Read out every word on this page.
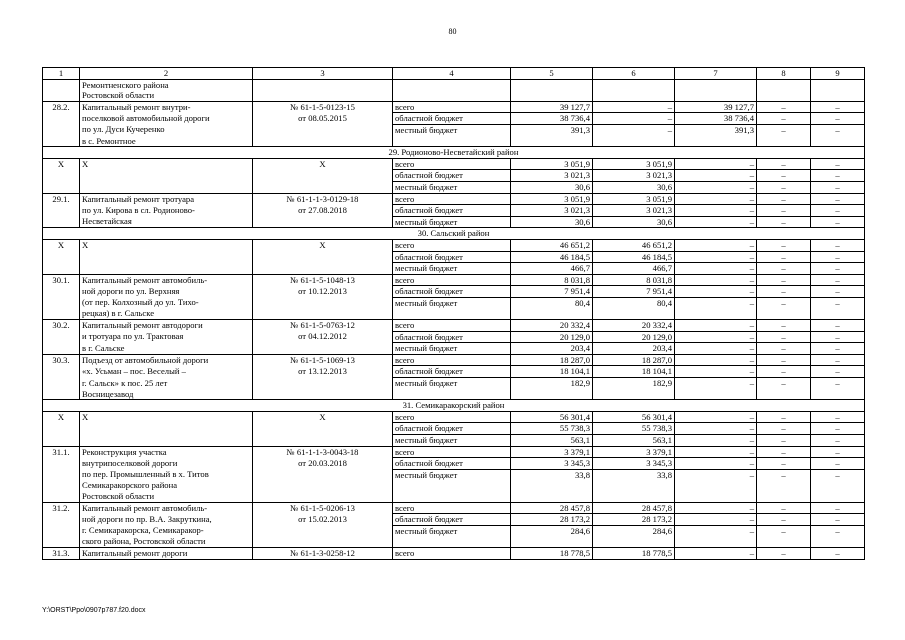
80
1	2	3	4	5	6	7	8	9
	Ремонтненского района							
	Ростовской области							
28.2.	Капитальный ремонт внутри-	№ 61-1-5-0123-15	всего	39 127,7	–	39 127,7	–	–
	поселковой автомобильной дороги	от 08.05.2015	областной бюджет	38 736,4	–	38 736,4	–	–
	по ул. Дуси Кучеренко		местный бюджет	391,3	–	391,3	–	–
	в с. Ремонтное							
29. Родионово-Несветайский район								
Х	Х	Х	всего	3 051,9	3 051,9	–	–	–
			областной бюджет	3 021,3	3 021,3	–	–	–
			местный бюджет	30,6	30,6	–	–	–
29.1.	Капитальный ремонт тротуара	№ 61-1-1-3-0129-18	всего	3 051,9	3 051,9	–	–	–
	по ул. Кирова в сл. Родионово-	от 27.08.2018	областной бюджет	3 021,3	3 021,3	–	–	–
	Несветайская		местный бюджет	30,6	30,6	–	–	–
30. Сальский район								
Х	Х	Х	всего	46 651,2	46 651,2	–	–	–
			областной бюджет	46 184,5	46 184,5	–	–	–
			местный бюджет	466,7	466,7	–	–	–
30.1.	Капитальный ремонт автомобиль-	№ 61-1-5-1048-13	всего	8 031,8	8 031,8	–	–	–
	ной дороги по ул. Верхняя	от 10.12.2013	областной бюджет	7 951,4	7 951,4	–	–	–
	(от пер. Колхозный до ул. Тихо-		местный бюджет	80,4	80,4	–	–	–
	рецкая) в г. Сальске							
30.2.	Капитальный ремонт автодороги	№ 61-1-5-0763-12	всего	20 332,4	20 332,4	–	–	–
	и тротуара по ул. Трактовая	от 04.12.2012	областной бюджет	20 129,0	20 129,0	–	–	–
	в г. Сальске		местный бюджет	203,4	203,4	–	–	–
30.3.	Подъезд от автомобильной дороги	№ 61-1-5-1069-13	всего	18 287,0	18 287,0	–	–	–
	«х. Усьман – пос. Веселый –	от 13.12.2013	областной бюджет	18 104,1	18 104,1	–	–	–
	г. Сальск» к пос. 25 лет		местный бюджет	182,9	182,9	–	–	–
	Восницезавод							
31. Семикаракорский район								
Х	Х	Х	всего	56 301,4	56 301,4	–	–	–
			областной бюджет	55 738,3	55 738,3	–	–	–
			местный бюджет	563,1	563,1	–	–	–
31.1.	Реконструкция участка	№ 61-1-1-3-0043-18	всего	3 379,1	3 379,1	–	–	–
	внутрипоселковой дороги	от 20.03.2018	областной бюджет	3 345,3	3 345,3	–	–	–
	по пер. Промышленный в х. Титов		местный бюджет	33,8	33,8	–	–	–
	Семикаракорского района							
	Ростовской области							
31.2.	Капитальный ремонт автомобиль-	№ 61-1-5-0206-13	всего	28 457,8	28 457,8	–	–	–
	ной дороги по пр. В.А. Закруткина,	от 15.02.2013	областной бюджет	28 173,2	28 173,2	–	–	–
	г. Семикаракорска, Семикаракор-		местный бюджет	284,6	284,6	–	–	–
	ского района, Ростовской области							
31.3.	Капитальный ремонт дороги	№ 61-1-3-0258-12	всего	18 778,5	18 778,5	–	–	–
Y:\ORST\Ppo\0907p787.f20.docx
